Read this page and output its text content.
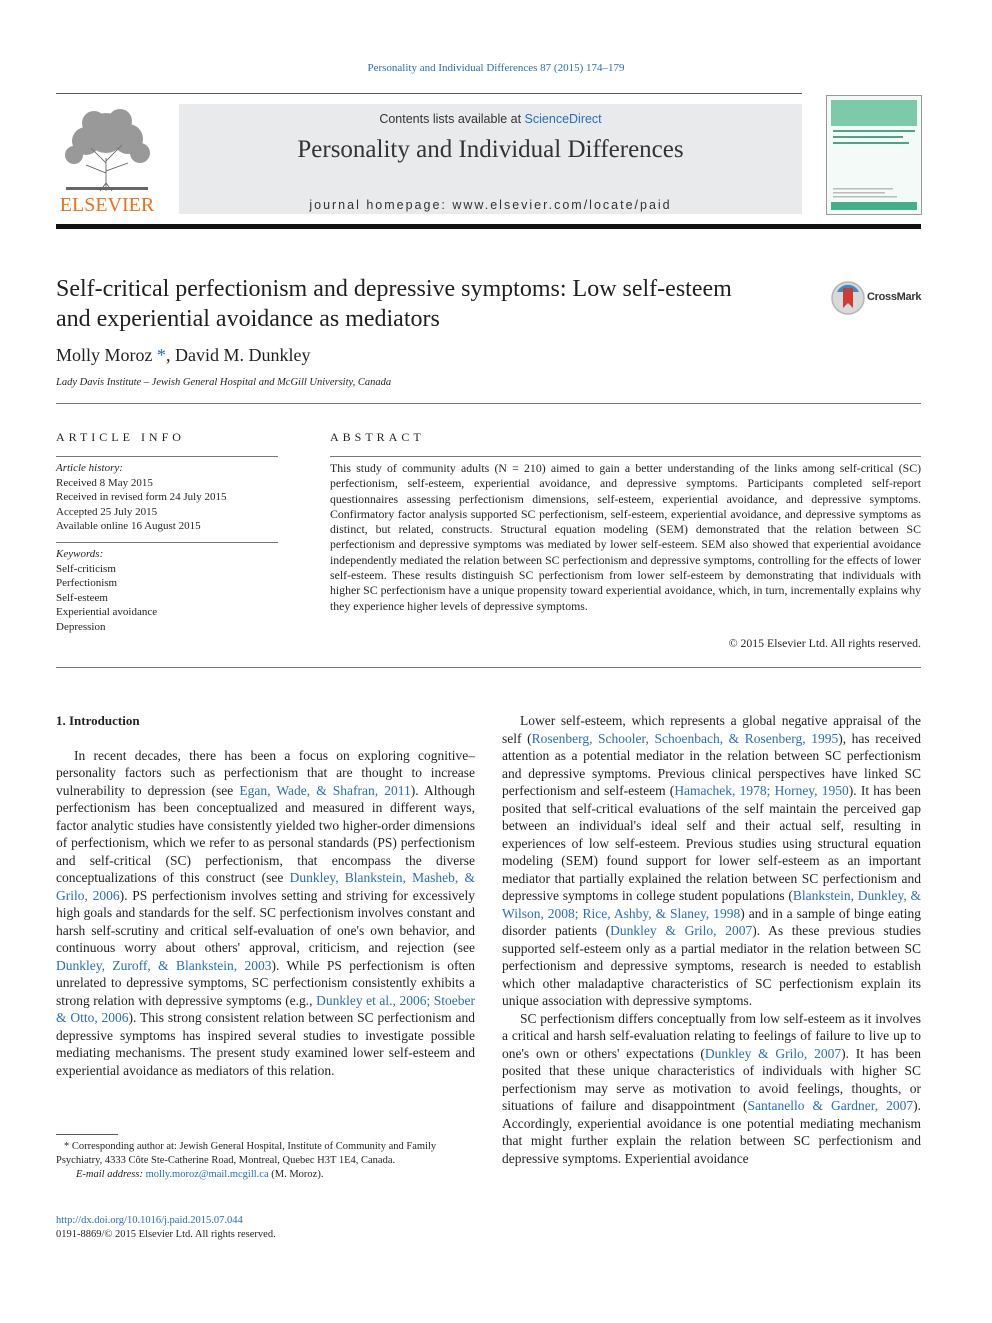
Personality and Individual Differences 87 (2015) 174–179
ELSEVIER
Contents lists available at ScienceDirect
Personality and Individual Differences
journal homepage: www.elsevier.com/locate/paid
Self-critical perfectionism and depressive symptoms: Low self-esteem
and experiential avoidance as mediators
CrossMark
Molly Moroz *, David M. Dunkley
Lady Davis Institute – Jewish General Hospital and McGill University, Canada
ARTICLE INFO
Article history:
Received 8 May 2015
Received in revised form 24 July 2015
Accepted 25 July 2015
Available online 16 August 2015
Keywords:
Self-criticism
Perfectionism
Self-esteem
Experiential avoidance
Depression
ABSTRACT
This study of community adults (N = 210) aimed to gain a better understanding of the links among self-critical (SC) perfectionism, self-esteem, experiential avoidance, and depressive symptoms. Participants completed self-report questionnaires assessing perfectionism dimensions, self-esteem, experiential avoidance, and depressive symptoms. Confirmatory factor analysis supported SC perfectionism, self-esteem, experiential avoidance, and depressive symptoms as distinct, but related, constructs. Structural equation modeling (SEM) demonstrated that the relation between SC perfectionism and depressive symptoms was mediated by lower self-esteem. SEM also showed that experiential avoidance independently mediated the relation between SC perfectionism and depressive symptoms, controlling for the effects of lower self-esteem. These results distinguish SC perfectionism from lower self-esteem by demonstrating that individuals with higher SC perfectionism have a unique propensity toward experiential avoidance, which, in turn, incrementally explains why they experience higher levels of depressive symptoms.
© 2015 Elsevier Ltd. All rights reserved.
1. Introduction

In recent decades, there has been a focus on exploring cognitive–personality factors such as perfectionism that are thought to increase vulnerability to depression (see Egan, Wade, & Shafran, 2011). Although perfectionism has been conceptualized and measured in different ways, factor analytic studies have consistently yielded two higher-order dimensions of perfectionism, which we refer to as personal standards (PS) perfectionism and self-critical (SC) perfectionism, that encompass the diverse conceptualizations of this construct (see Dunkley, Blankstein, Masheb, & Grilo, 2006). PS perfectionism involves setting and striving for excessively high goals and standards for the self. SC perfectionism involves constant and harsh self-scrutiny and critical self-evaluation of one's own behavior, and continuous worry about others' approval, criticism, and rejection (see Dunkley, Zuroff, & Blankstein, 2003). While PS perfectionism is often unrelated to depressive symptoms, SC perfectionism consistently exhibits a strong relation with depressive symptoms (e.g., Dunkley et al., 2006; Stoeber & Otto, 2006). This strong consistent relation between SC perfectionism and depressive symptoms has inspired several studies to investigate possible mediating mechanisms. The present study examined lower self-esteem and experiential avoidance as mediators of this relation.

* Corresponding author at: Jewish General Hospital, Institute of Community and Family Psychiatry, 4333 Côte Ste-Catherine Road, Montreal, Quebec H3T 1E4, Canada.
E-mail address: molly.moroz@mail.mcgill.ca (M. Moroz).
http://dx.doi.org/10.1016/j.paid.2015.07.044
0191-8869/© 2015 Elsevier Ltd. All rights reserved.

Lower self-esteem, which represents a global negative appraisal of the self (Rosenberg, Schooler, Schoenbach, & Rosenberg, 1995), has received attention as a potential mediator in the relation between SC perfectionism and depressive symptoms. Previous clinical perspectives have linked SC perfectionism and self-esteem (Hamachek, 1978; Horney, 1950). It has been posited that self-critical evaluations of the self maintain the perceived gap between an individual's ideal self and their actual self, resulting in experiences of low self-esteem. Previous studies using structural equation modeling (SEM) found support for lower self-esteem as an important mediator that partially explained the relation between SC perfectionism and depressive symptoms in college student populations (Blankstein, Dunkley, & Wilson, 2008; Rice, Ashby, & Slaney, 1998) and in a sample of binge eating disorder patients (Dunkley & Grilo, 2007). As these previous studies supported self-esteem only as a partial mediator in the relation between SC perfectionism and depressive symptoms, research is needed to establish which other maladaptive characteristics of SC perfectionism explain its unique association with depressive symptoms.

SC perfectionism differs conceptually from low self-esteem as it involves a critical and harsh self-evaluation relating to feelings of failure to live up to one's own or others' expectations (Dunkley & Grilo, 2007). It has been posited that these unique characteristics of individuals with higher SC perfectionism may serve as motivation to avoid feelings, thoughts, or situations of failure and disappointment (Santanello & Gardner, 2007). Accordingly, experiential avoidance is one potential mediating mechanism that might further explain the relation between SC perfectionism and depressive symptoms. Experiential avoidance
